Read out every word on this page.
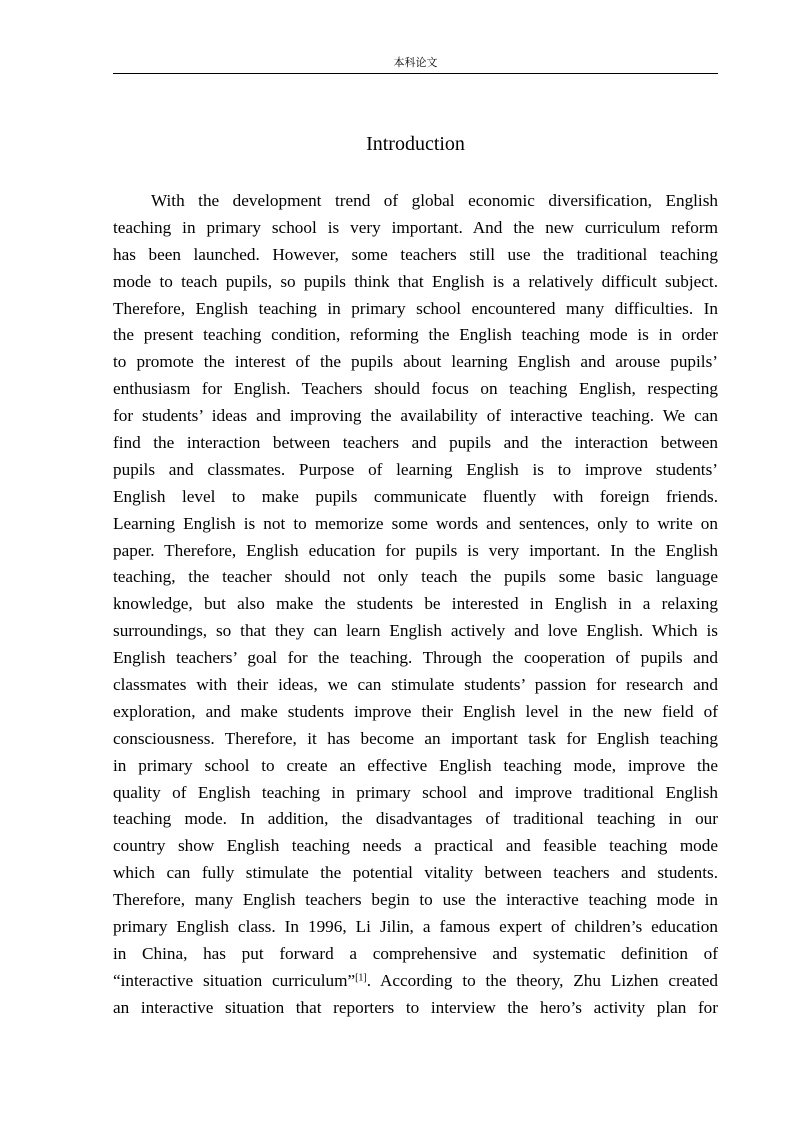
本科论文
Introduction
With the development trend of global economic diversification, English
teaching in primary school is very important. And the new curriculum reform
has been launched. However, some teachers still use the traditional teaching
mode to teach pupils, so pupils think that English is a relatively difficult subject.
Therefore, English teaching in primary school encountered many difficulties. In
the present teaching condition, reforming the English teaching mode is in order
to promote the interest of the pupils about learning English and arouse pupils’
enthusiasm for English. Teachers should focus on teaching English, respecting
for students’ ideas and improving the availability of interactive teaching. We can
find the interaction between teachers and pupils and the interaction between
pupils and classmates. Purpose of learning English is to improve students’
English level to make pupils communicate fluently with foreign friends.
Learning English is not to memorize some words and sentences, only to write on
paper. Therefore, English education for pupils is very important. In the English
teaching, the teacher should not only teach the pupils some basic language
knowledge, but also make the students be interested in English in a relaxing
surroundings, so that they can learn English actively and love English. Which is
English teachers’ goal for the teaching. Through the cooperation of pupils and
classmates with their ideas, we can stimulate students’ passion for research and
exploration, and make students improve their English level in the new field of
consciousness. Therefore, it has become an important task for English teaching
in primary school to create an effective English teaching mode, improve the
quality of English teaching in primary school and improve traditional English
teaching mode. In addition, the disadvantages of traditional teaching in our
country show English teaching needs a practical and feasible teaching mode
which can fully stimulate the potential vitality between teachers and students.
Therefore, many English teachers begin to use the interactive teaching mode in
primary English class. In 1996, Li Jilin, a famous expert of children’s education
in China, has put forward a comprehensive and systematic definition of
“interactive situation curriculum”[1]. According to the theory, Zhu Lizhen created
an interactive situation that reporters to interview the hero’s activity plan for
